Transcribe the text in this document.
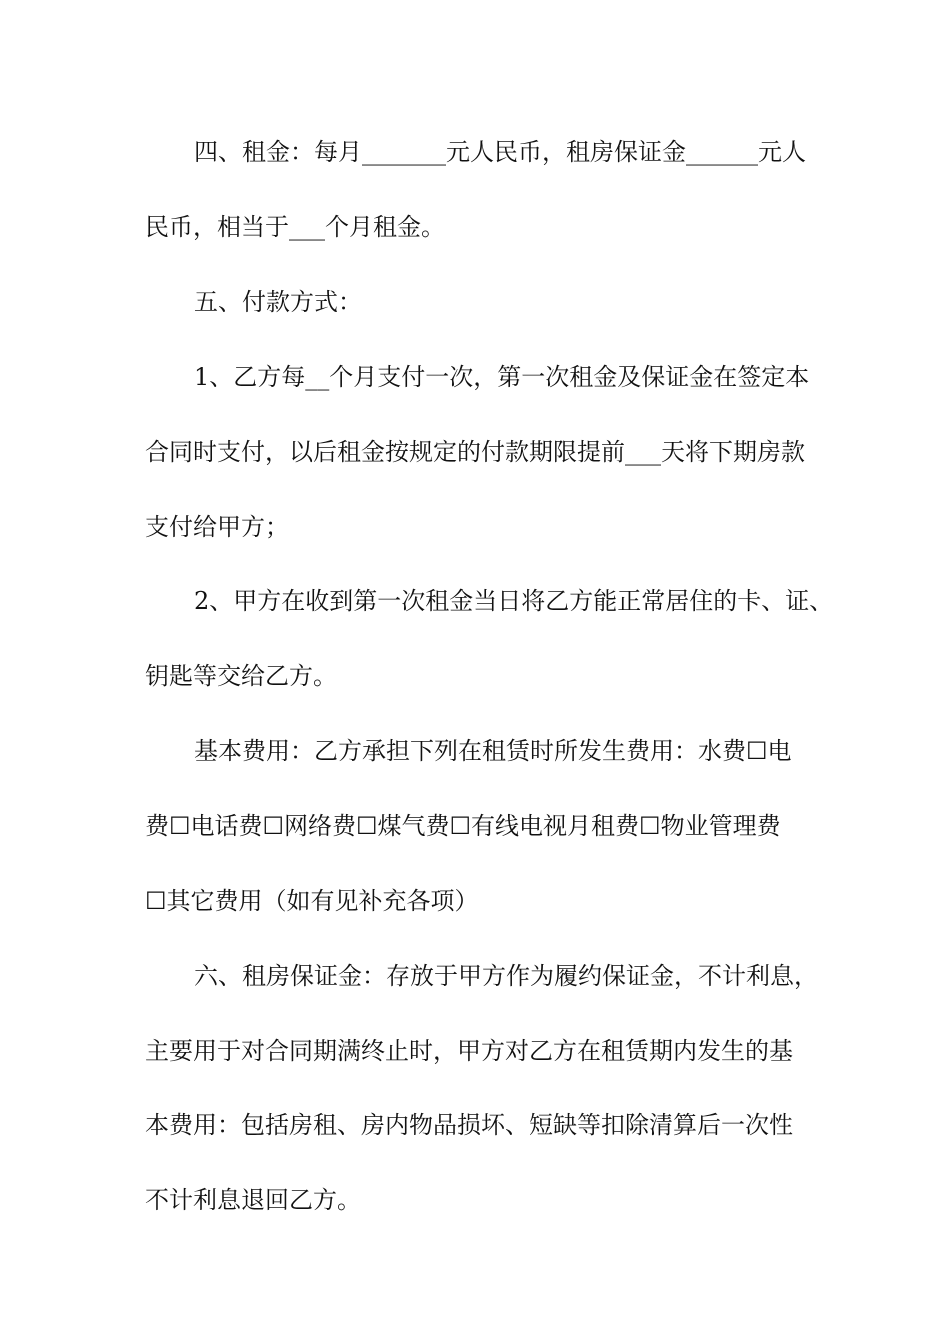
四、租金：每月_______元人民币，租房保证金______元人
民币，相当于___个月租金。
五、付款方式：
1、乙方每__个月支付一次，第一次租金及保证金在签定本
合同时支付，以后租金按规定的付款期限提前___天将下期房款
支付给甲方；
2、甲方在收到第一次租金当日将乙方能正常居住的卡、证、
钥匙等交给乙方。
基本费用：乙方承担下列在租赁时所发生费用：水费☐电
费☐电话费☐网络费☐煤气费☐有线电视月租费☐物业管理费
☐其它费用（如有见补充各项）
六、租房保证金：存放于甲方作为履约保证金，不计利息，
主要用于对合同期满终止时，甲方对乙方在租赁期内发生的基
本费用：包括房租、房内物品损坏、短缺等扣除清算后一次性
不计利息退回乙方。
